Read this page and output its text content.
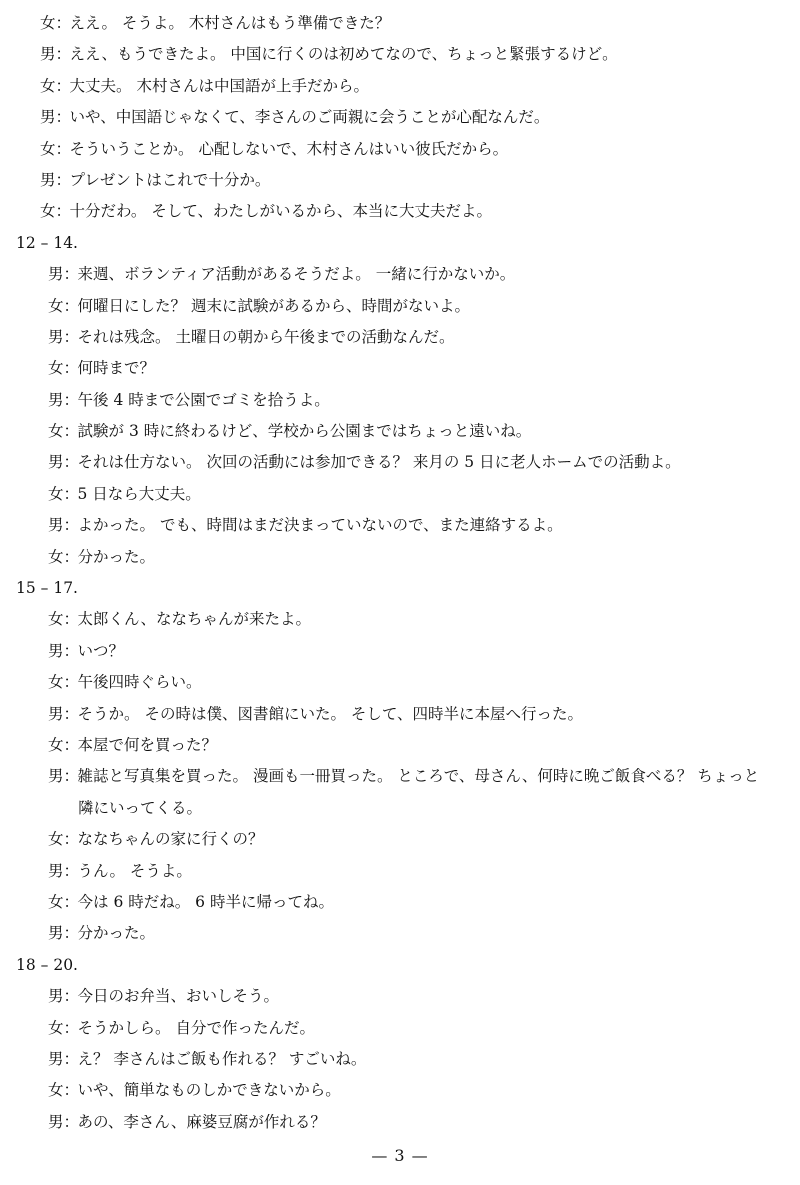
女：ええ。 そうよ。 木村さんはもう準備できた？
男：ええ、もうできたよ。 中国に行くのは初めてなので、ちょっと緊張するけど。
女：大丈夫。 木村さんは中国語が上手だから。
男：いや、中国語じゃなくて、李さんのご両親に会うことが心配なんだ。
女：そういうことか。 心配しないで、木村さんはいい彼氏だから。
男：プレゼントはこれで十分か。
女：十分だわ。 そして、わたしがいるから、本当に大丈夫だよ。
12 – 14.
男：来週、ボランティア活動があるそうだよ。 一緒に行かないか。
女：何曜日にした？ 週末に試験があるから、時間がないよ。
男：それは残念。 土曜日の朝から午後までの活動なんだ。
女：何時まで？
男：午後 4 時まで公園でゴミを拾うよ。
女：試験が 3 時に終わるけど、学校から公園まではちょっと遠いね。
男：それは仕方ない。 次回の活動には参加できる？ 来月の 5 日に老人ホームでの活動よ。
女：5 日なら大丈夫。
男：よかった。 でも、時間はまだ決まっていないので、また連絡するよ。
女：分かった。
15 – 17.
女：太郎くん、ななちゃんが来たよ。
男：いつ？
女：午後四時ぐらい。
男：そうか。 その時は僕、図書館にいた。 そして、四時半に本屋へ行った。
女：本屋で何を買った？
男：雑誌と写真集を買った。 漫画も一冊買った。 ところで、母さん、何時に晩ご飯食べる？ ちょっと
隣にいってくる。
女：ななちゃんの家に行くの？
男：うん。 そうよ。
女：今は 6 時だね。 6 時半に帰ってね。
男：分かった。
18 – 20.
男：今日のお弁当、おいしそう。
女：そうかしら。 自分で作ったんだ。
男：え？ 李さんはご飯も作れる？ すごいね。
女：いや、簡単なものしかできないから。
男：あの、李さん、麻婆豆腐が作れる？
— 3 —
